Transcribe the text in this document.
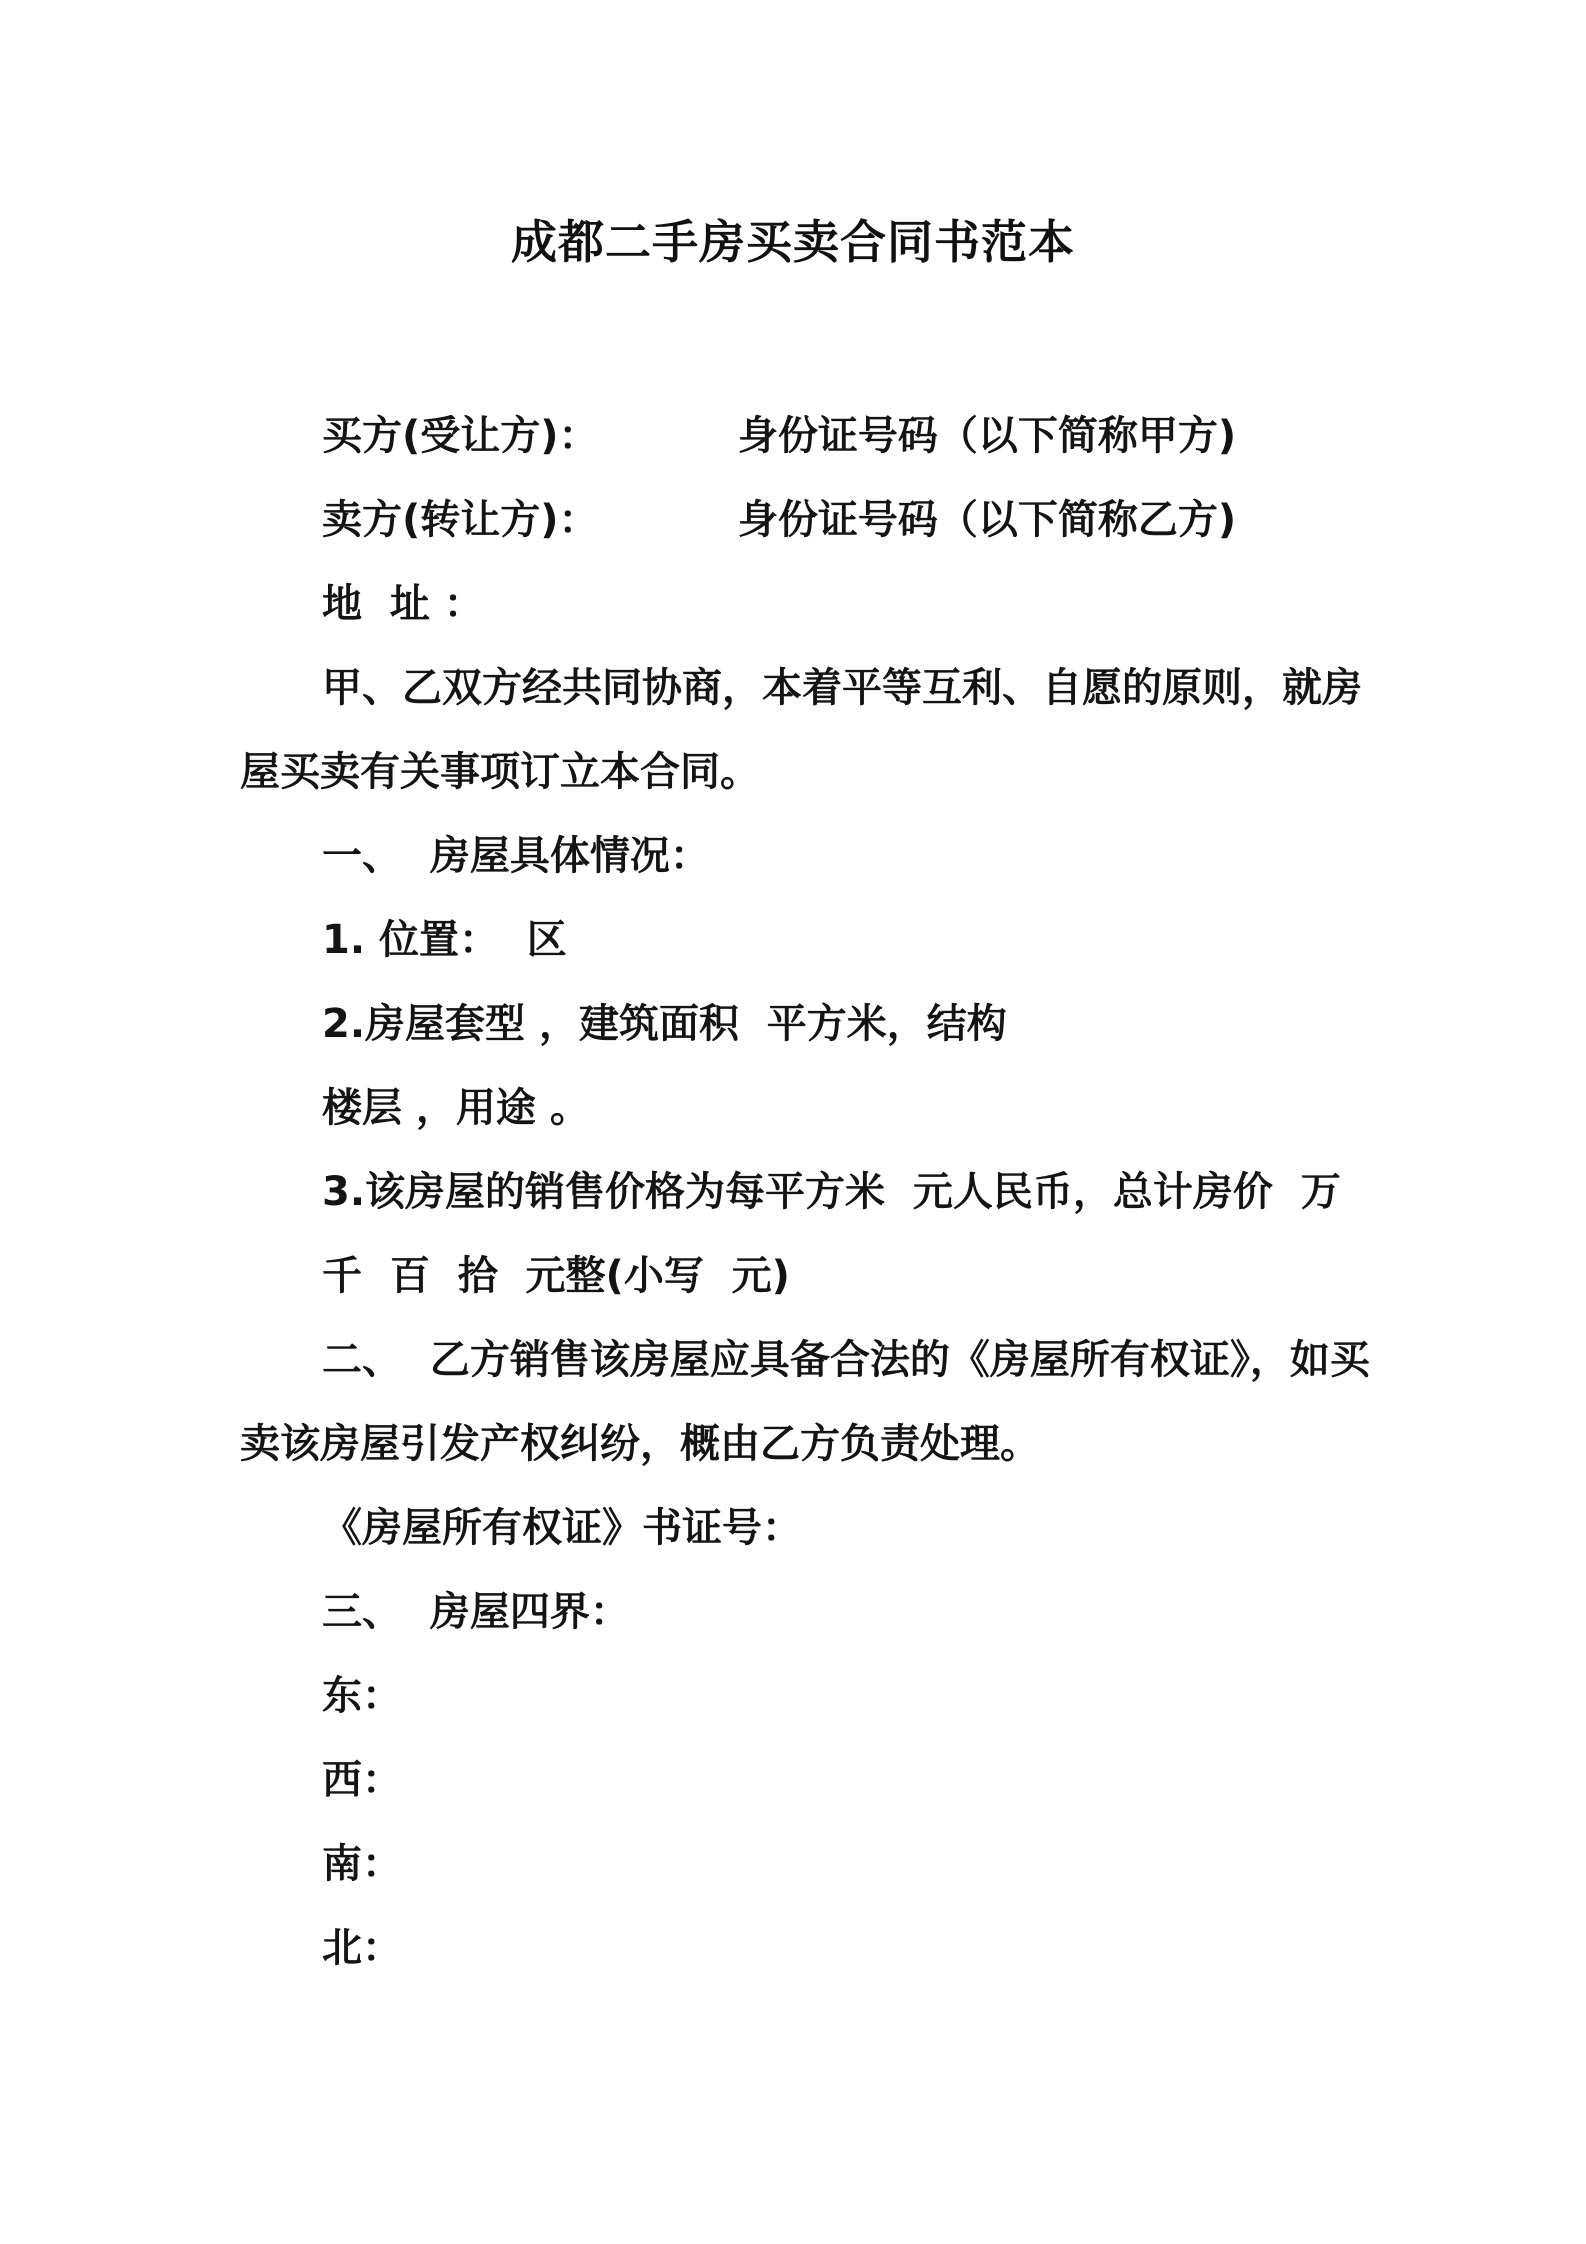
成都二手房买卖合同书范本
买方(受让方)：          身份证号码（以下简称甲方)
卖方(转让方)：          身份证号码（以下简称乙方)
地  址 ：
甲、乙双方经共同协商，本着平等互利、自愿的原则，就房
屋买卖有关事项订立本合同。
一、  房屋具体情况：
1. 位置：  区
2.房屋套型 ，建筑面积  平方米，结构
楼层 ，用途 。
3.该房屋的销售价格为每平方米  元人民币，总计房价  万
千  百  拾  元整(小写  元)
二、  乙方销售该房屋应具备合法的《房屋所有权证》，如买
卖该房屋引发产权纠纷，概由乙方负责处理。
《房屋所有权证》书证号：
三、  房屋四界：
东：
西：
南：
北：
